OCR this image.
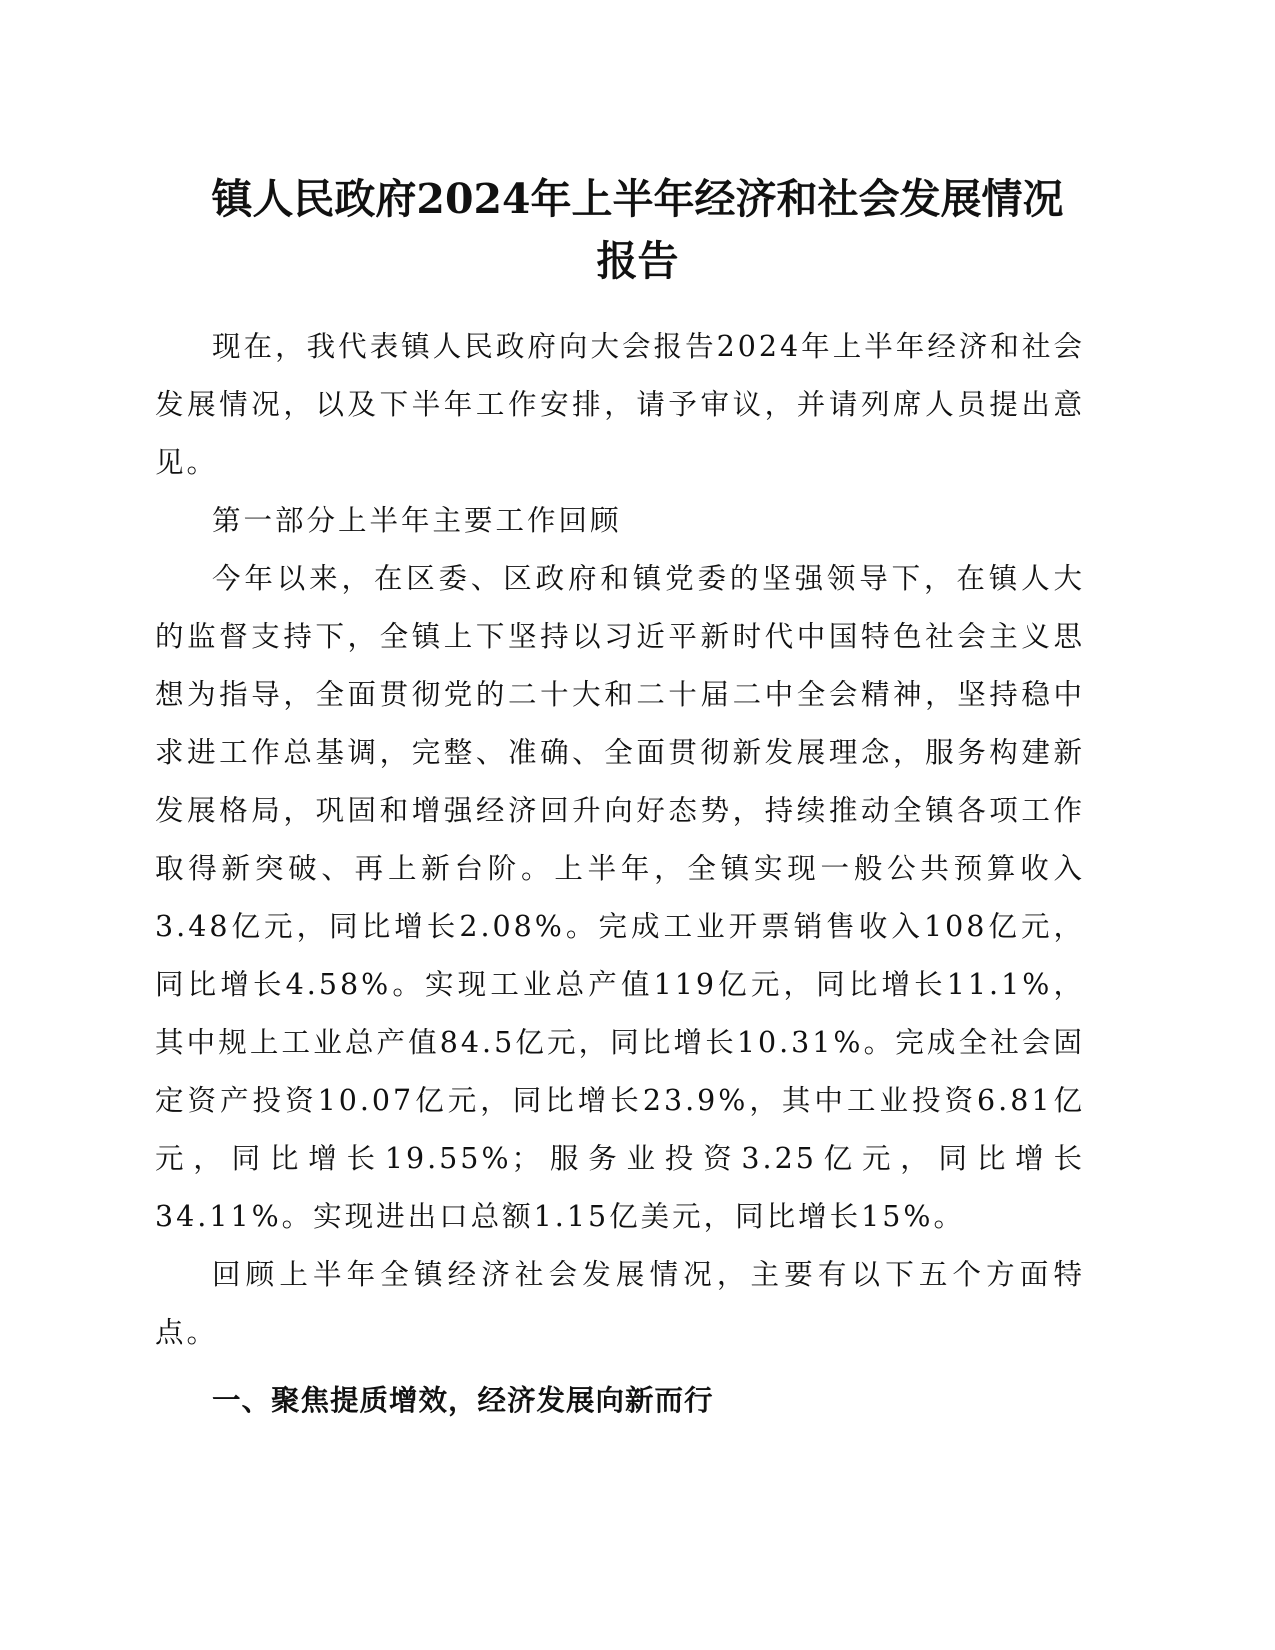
镇人民政府2024年上半年经济和社会发展情况
报告

现在，我代表镇人民政府向大会报告2024年上半年经济和社会发展情况，以及下半年工作安排，请予审议，并请列席人员提出意见。

第一部分上半年主要工作回顾

今年以来，在区委、区政府和镇党委的坚强领导下，在镇人大的监督支持下，全镇上下坚持以习近平新时代中国特色社会主义思想为指导，全面贯彻党的二十大和二十届二中全会精神，坚持稳中求进工作总基调，完整、准确、全面贯彻新发展理念，服务构建新发展格局，巩固和增强经济回升向好态势，持续推动全镇各项工作取得新突破、再上新台阶。上半年，全镇实现一般公共预算收入3.48亿元，同比增长2.08%。完成工业开票销售收入108亿元，同比增长4.58%。实现工业总产值119亿元，同比增长11.1%，其中规上工业总产值84.5亿元，同比增长10.31%。完成全社会固定资产投资10.07亿元，同比增长23.9%，其中工业投资6.81亿元，同比增长19.55%；服务业投资3.25亿元，同比增长34.11%。实现进出口总额1.15亿美元，同比增长15%。

回顾上半年全镇经济社会发展情况，主要有以下五个方面特点。

一、聚焦提质增效，经济发展向新而行
